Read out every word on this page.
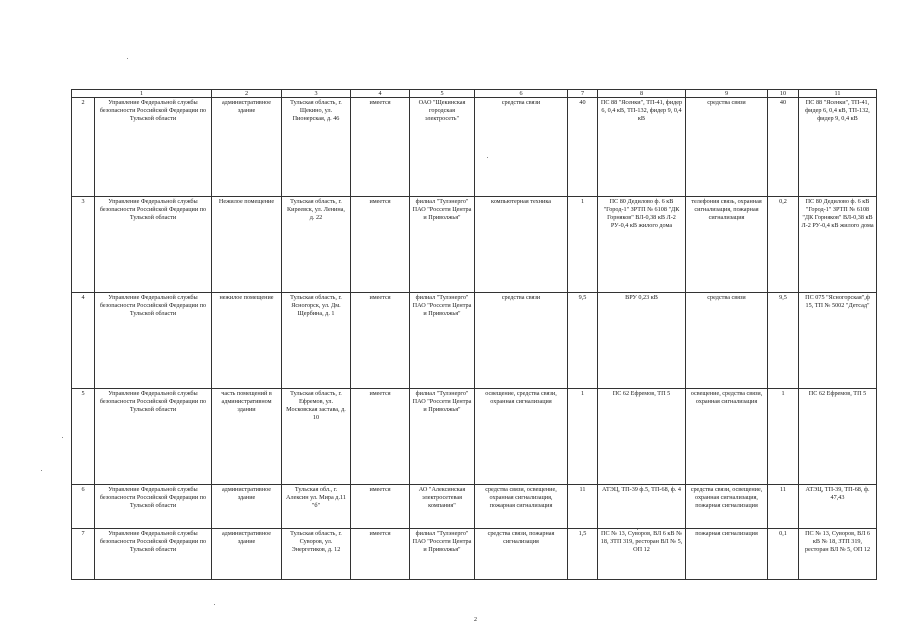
1		2	3	4	5	6	7	8	9	10	11
2	Управление Федеральной службы безопасности Российской Федерации по Тульской области	административное здание	Тульская область, г. Щекино, ул. Пионерская, д. 46	имеется	ОАО "Щекинская городская электросеть"	средства связи	40	ПС 88 "Ясенки", ТП-41, фидер 6, 0,4 кВ, ТП-132, фидер 9, 0,4 кВ	средства связи	40	ПС 88 "Ясенки", ТП-41, фидер 6, 0,4 кВ, ТП-132, фидер 9, 0,4 кВ
3	Управление Федеральной службы безопасности Российской Федерации по Тульской области	Нежилое помещение	Тульская область, г. Киреевск, ул. Ленина, д. 22	имеется	филиал "Тулэнерго" ПАО "Россети Центра и Приволжья"	компьютерная техника	1	ПС 80 Дедилово ф. 6 кВ "Город-1" ЗРТП № 6108 "ДК Горняков" ВЛ-0,38 кВ Л-2 РУ-0,4 кВ жилого дома	телефония связь, охранная сигнализация, пожарная сигнализация	0,2	ПС 80 Дедилово ф. 6 кВ "Город-1" ЗРТП № 6108 "ДК Горняков" ВЛ-0,38 кВ Л-2 РУ-0,4 кВ жилого дома
4	Управление Федеральной службы безопасности Российской Федерации по Тульской области	нежилое помещение	Тульская область, г. Ясногорск, ул. Дм. Щербина, д. 1	имеется	филиал "Тулэнерго" ПАО "Россети Центра и Приволжья"	средства связи	9,5	ВРУ 0,23 кВ	средства связи	9,5	ПС 075 "Ясногорская",ф 15, ТП № 5002 "Детсад"
5	Управление Федеральной службы безопасности Российской Федерации по Тульской области	часть помещений в административном здании	Тульская область, г. Ефремов, ул. Московская застава, д. 10	имеется	филиал "Тулэнерго" ПАО "Россети Центра и Приволжья"	освещение, средства связи, охранная сигнализация	1	ПС 62 Ефремов, ТП 5	освещение, средства связи, охранная сигнализация	1	ПС 62 Ефремов, ТП 5
6	Управление Федеральной службы безопасности Российской Федерации по Тульской области	административное здание	Тульская обл., г. Алексин ул. Мира д.11 "б"	имеется	АО "Алексинская электросетевая компания"	средства связи, освещение, охранная сигнализация, пожарная сигнализация	11	АТЭЦ, ТП-39 ф.5, ТП-68, ф. 4	средства связи, освещение, охранная сигнализация, пожарная сигнализация	11	АТЭЦ, ТП-39, ТП-68, ф. 47,43
7	Управление Федеральной службы безопасности Российской Федерации по Тульской области	административное здание	Тульская область, г. Суворов, ул. Энергетиков, д. 12	имеется	филиал "Тулэнерго" ПАО "Россети Центра и Приволжья"	средства связи, пожарная сигнализация	1,5	ПС № 13, Суворов, ВЛ 6 кВ № 18, ЗТП 319, ресторан ВЛ № 5, ОП 12	пожарная сигнализация	0,1	ПС № 13, Суворов, ВЛ 6 кВ № 18, ЗТП 319, ресторан ВЛ № 5, ОП 12
2
